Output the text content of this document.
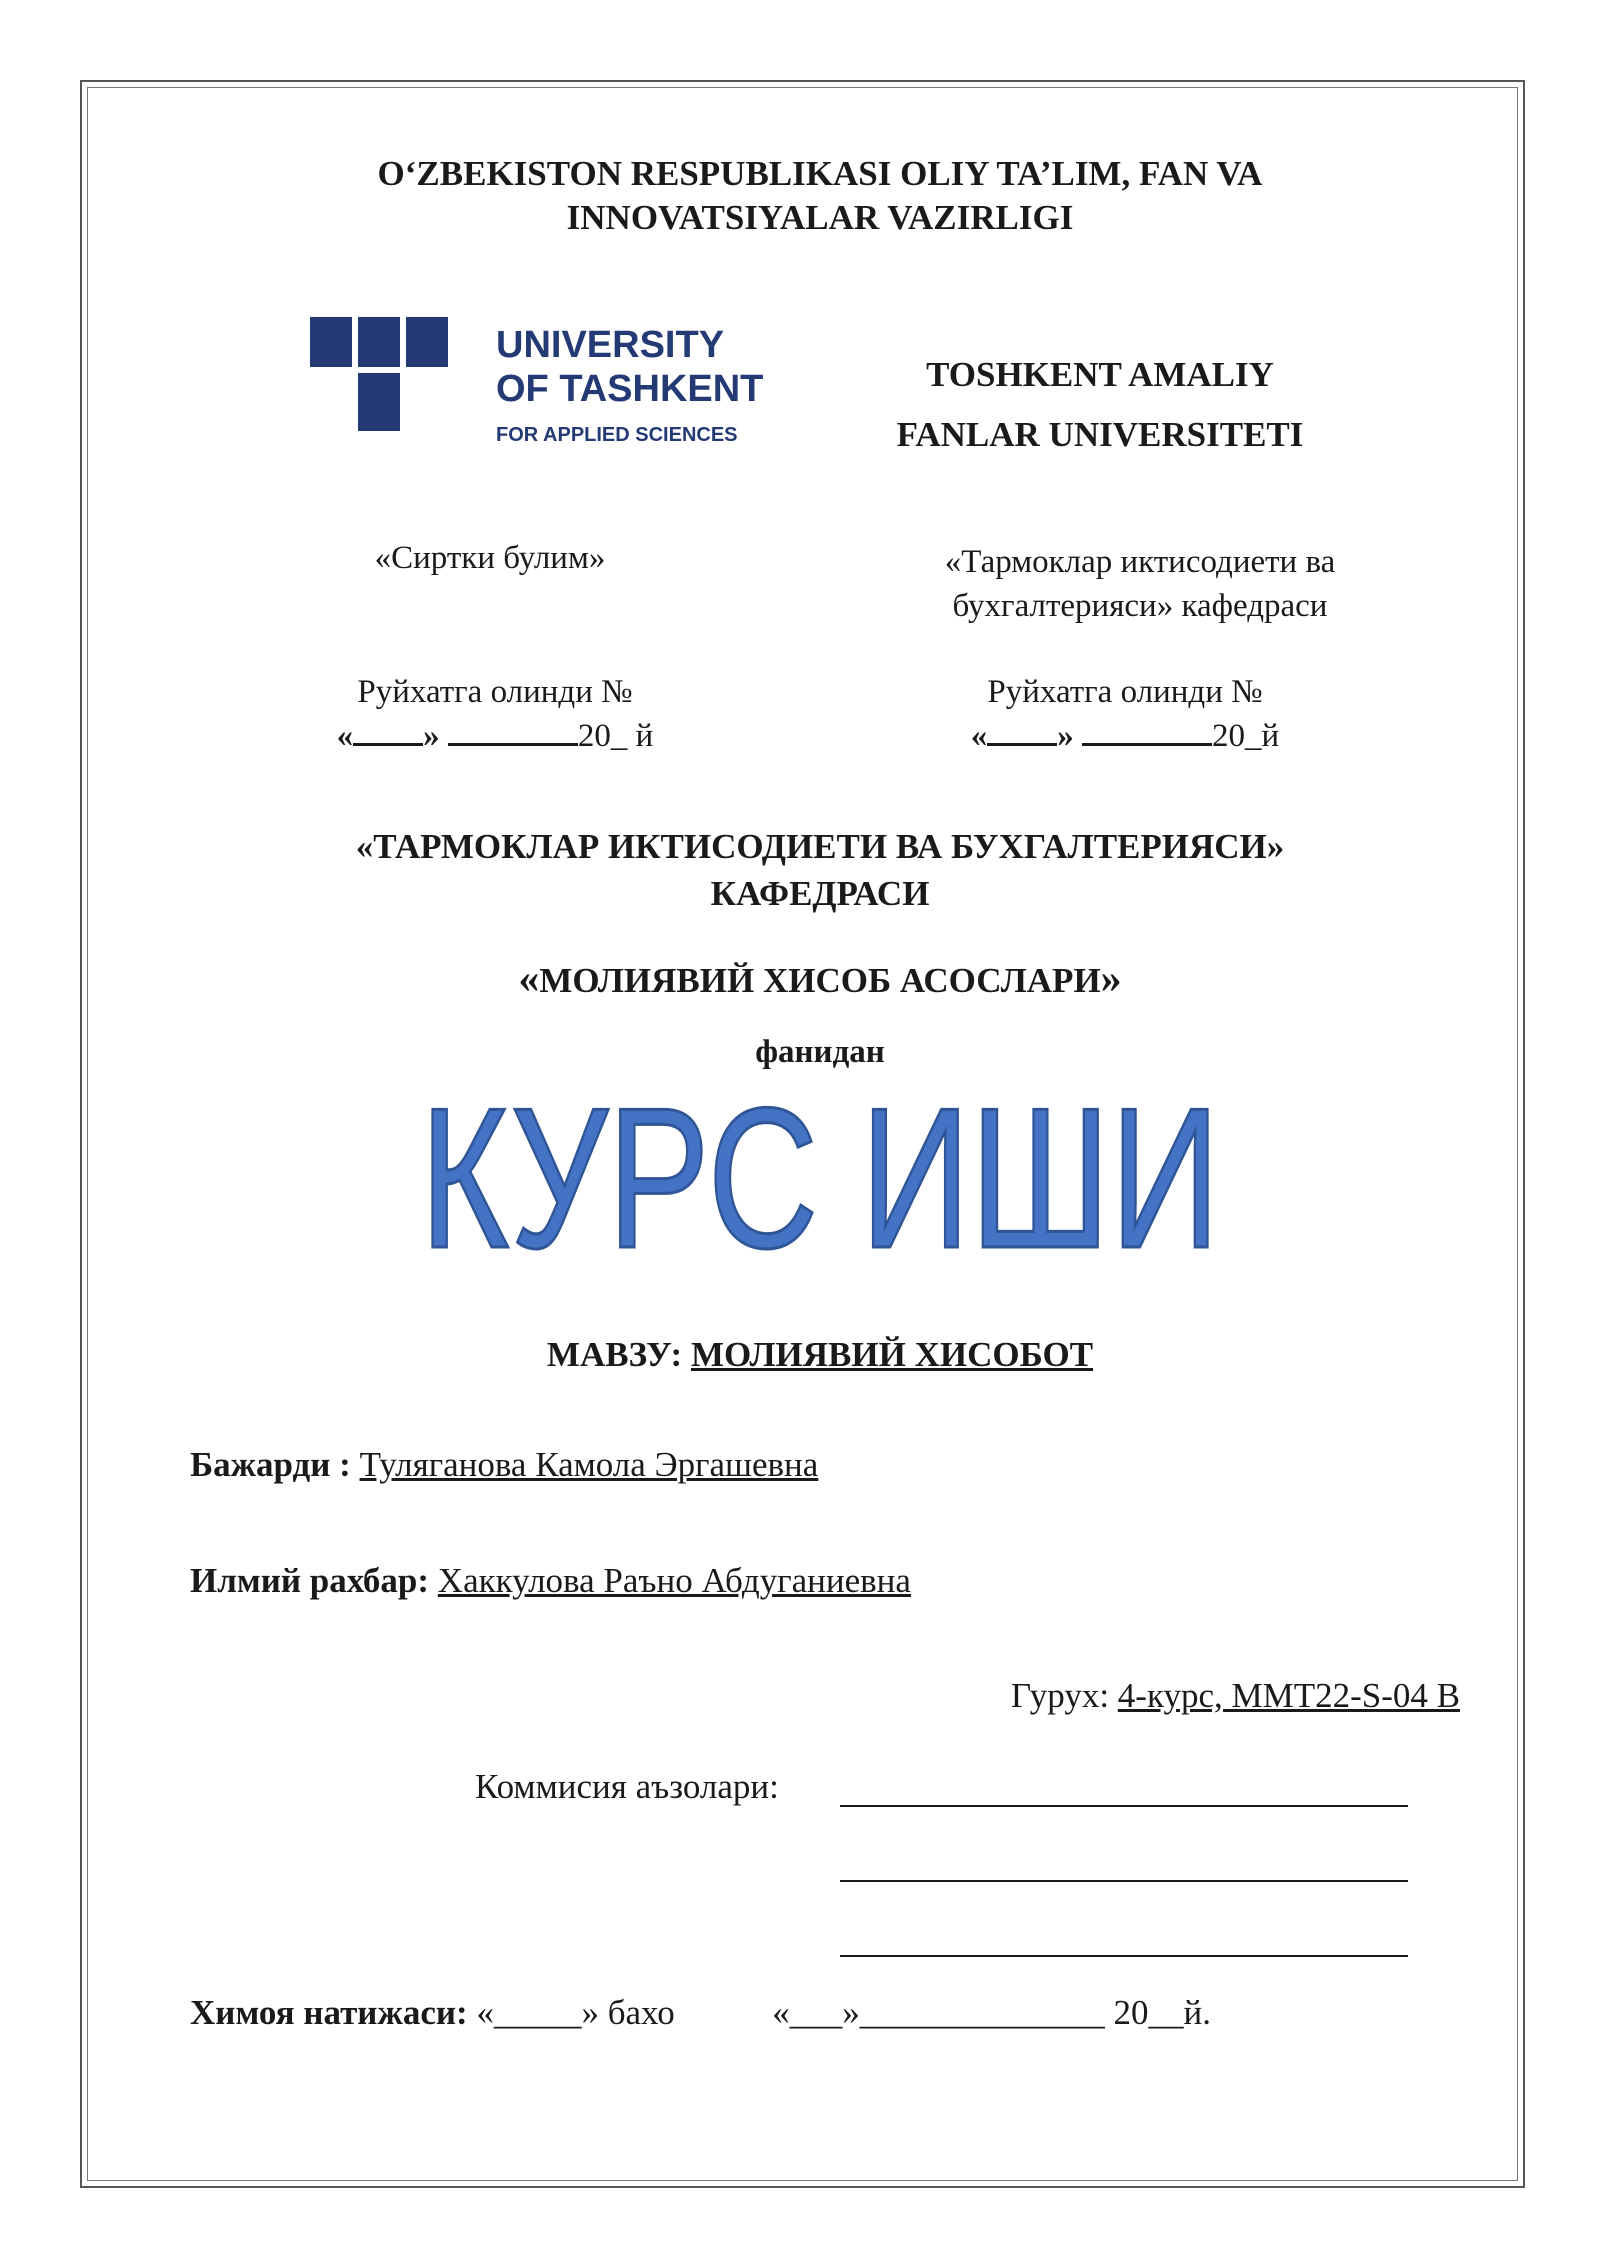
O‘ZBEKISTON RESPUBLIKASI OLIY TA’LIM, FAN VA
INNOVATSIYALAR VAZIRLIGI
UNIVERSITY
OF TASHKENT
FOR APPLIED SCIENCES
TOSHKENT AMALIY
FANLAR UNIVERSITETI
«Сиртки булим»	«Тармоклар иктисодиети ва
бухгалтерияси» кафедраси
Руйхатга олинди №
« »	20_ й
Руйхатга олинди №
« »	20_й
«ТАРМОКЛАР ИКТИСОДИЕТИ ВА БУХГАЛТЕРИЯСИ»
КАФЕДРАСИ
«МОЛИЯВИЙ ХИСОБ АСОСЛАРИ»
фанидан
КУРС ИШИ
МАВЗУ: МОЛИЯВИЙ ХИСОБОТ
Бажарди : Туляганова Камола Эргашевна
Илмий рахбар: Хаккулова Раъно Абдуганиевна
Гурух: 4-курс, ММТ22-S-04 В
Коммисия аъзолари:
Химоя натижаси: «_____» бахо	«___»______________ 20__й.
